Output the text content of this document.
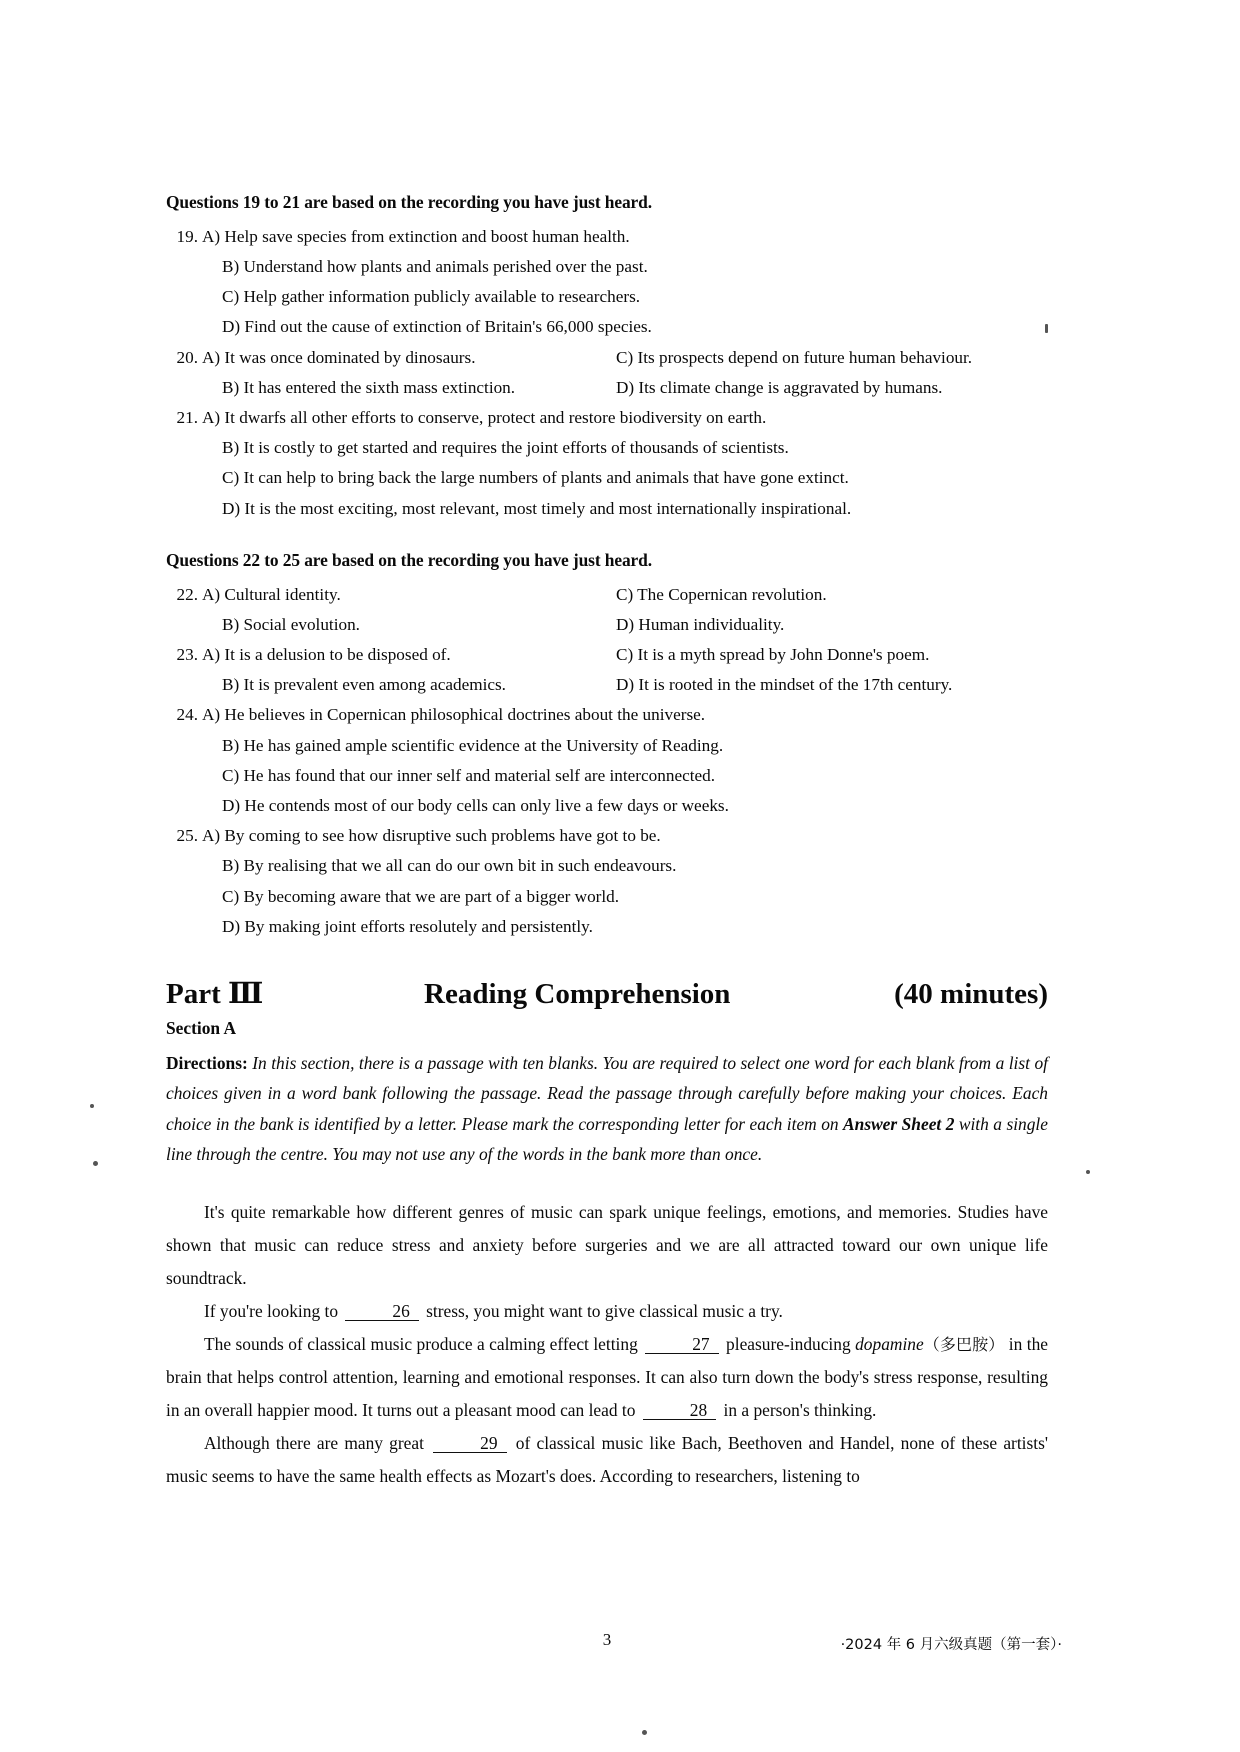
Questions 19 to 21 are based on the recording you have just heard.
19. A) Help save species from extinction and boost human health.
B) Understand how plants and animals perished over the past.
C) Help gather information publicly available to researchers.
D) Find out the cause of extinction of Britain's 66,000 species.
20. A) It was once dominated by dinosaurs.	C) Its prospects depend on future human behaviour.
B) It has entered the sixth mass extinction.	D) Its climate change is aggravated by humans.
21. A) It dwarfs all other efforts to conserve, protect and restore biodiversity on earth.
B) It is costly to get started and requires the joint efforts of thousands of scientists.
C) It can help to bring back the large numbers of plants and animals that have gone extinct.
D) It is the most exciting, most relevant, most timely and most internationally inspirational.
Questions 22 to 25 are based on the recording you have just heard.
22. A) Cultural identity.	C) The Copernican revolution.
B) Social evolution.	D) Human individuality.
23. A) It is a delusion to be disposed of.	C) It is a myth spread by John Donne's poem.
B) It is prevalent even among academics.	D) It is rooted in the mindset of the 17th century.
24. A) He believes in Copernican philosophical doctrines about the universe.
B) He has gained ample scientific evidence at the University of Reading.
C) He has found that our inner self and material self are interconnected.
D) He contends most of our body cells can only live a few days or weeks.
25. A) By coming to see how disruptive such problems have got to be.
B) By realising that we all can do our own bit in such endeavours.
C) By becoming aware that we are part of a bigger world.
D) By making joint efforts resolutely and persistently.
Part Ⅲ	Reading Comprehension	(40 minutes)
Section A
Directions: In this section, there is a passage with ten blanks. You are required to select one word for each blank from a list of choices given in a word bank following the passage. Read the passage through carefully before making your choices. Each choice in the bank is identified by a letter. Please mark the corresponding letter for each item on Answer Sheet 2 with a single line through the centre. You may not use any of the words in the bank more than once.

It's quite remarkable how different genres of music can spark unique feelings, emotions, and memories. Studies have shown that music can reduce stress and anxiety before surgeries and we are all attracted toward our own unique life soundtrack.

If you're looking to	26 stress, you might want to give classical music a try.

The sounds of classical music produce a calming effect letting	27 pleasure-inducing dopamine（多巴胺） in the brain that helps control attention, learning and emotional responses. It can also turn down the body's stress response, resulting in an overall happier mood. It turns out a pleasant mood can lead to	28 in a person's thinking.

Although there are many great	29 of classical music like Bach, Beethoven and Handel, none of these artists' music seems to have the same health effects as Mozart's does. According to researchers, listening to

3	·2024 年 6 月六级真题（第一套）·
